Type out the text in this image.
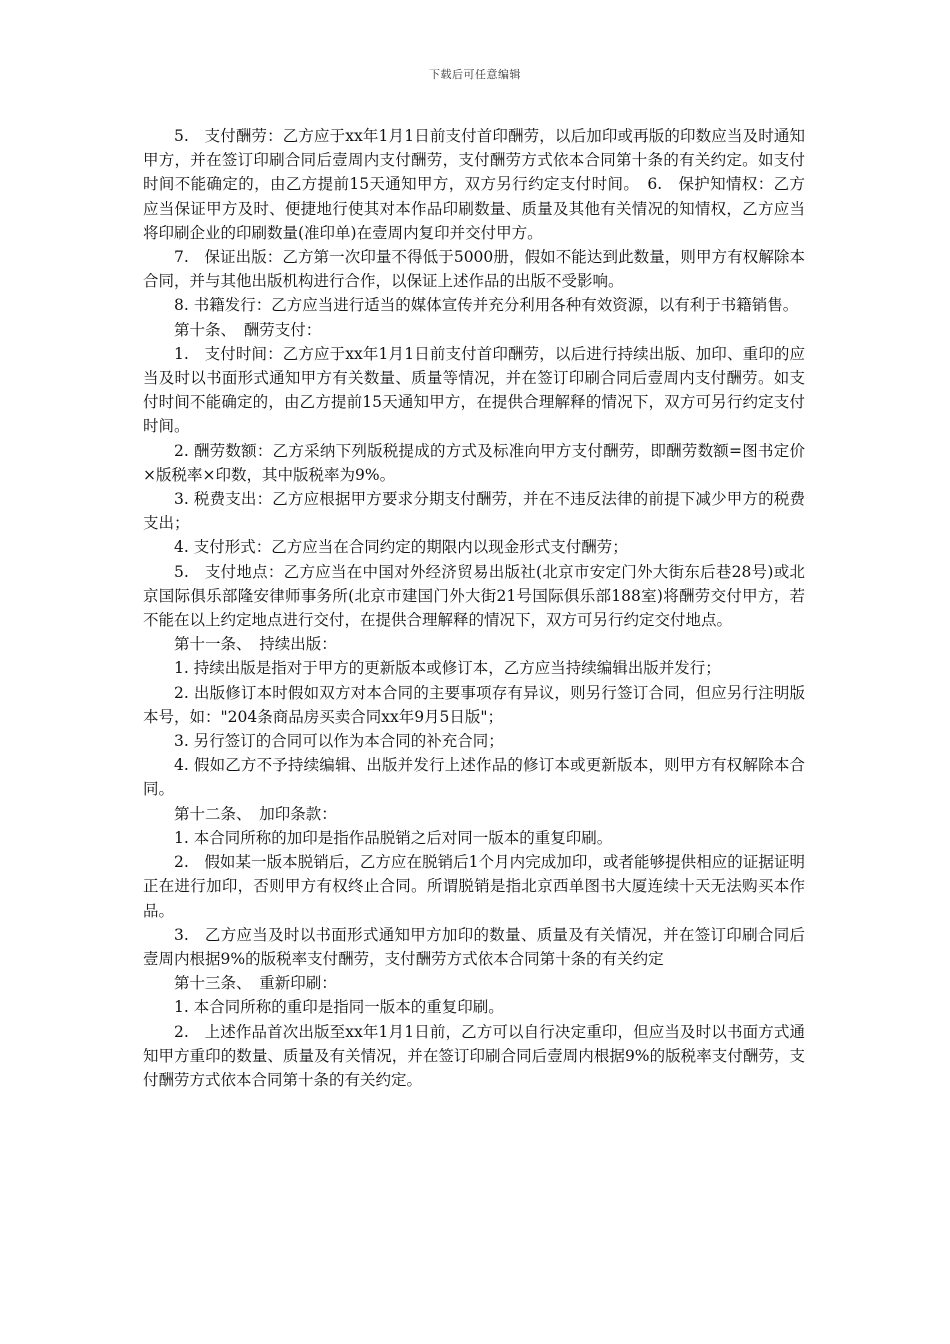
下载后可任意编辑

5.　支付酬劳：乙方应于xx年1月1日前支付首印酬劳，以后加印或再版的印数应当及时通知甲方，并在签订印刷合同后壹周内支付酬劳，支付酬劳方式依本合同第十条的有关约定。如支付时间不能确定的，由乙方提前15天通知甲方，双方另行约定支付时间。　6.　保护知情权：乙方应当保证甲方及时、便捷地行使其对本作品印刷数量、质量及其他有关情况的知情权，乙方应当将印刷企业的印刷数量(准印单)在壹周内复印并交付甲方。

7.　保证出版：乙方第一次印量不得低于5000册，假如不能达到此数量，则甲方有权解除本合同，并与其他出版机构进行合作，以保证上述作品的出版不受影响。

8. 书籍发行：乙方应当进行适当的媒体宣传并充分利用各种有效资源，以有利于书籍销售。

第十条、　酬劳支付：

1.　支付时间：乙方应于xx年1月1日前支付首印酬劳，以后进行持续出版、加印、重印的应当及时以书面形式通知甲方有关数量、质量等情况，并在签订印刷合同后壹周内支付酬劳。如支付时间不能确定的，由乙方提前15天通知甲方，在提供合理解释的情况下，双方可另行约定支付时间。

2. 酬劳数额：乙方采纳下列版税提成的方式及标准向甲方支付酬劳，即酬劳数额=图书定价×版税率×印数，其中版税率为9%。

3. 税费支出：乙方应根据甲方要求分期支付酬劳，并在不违反法律的前提下减少甲方的税费支出；

4. 支付形式：乙方应当在合同约定的期限内以现金形式支付酬劳；

5.　支付地点：乙方应当在中国对外经济贸易出版社(北京市安定门外大街东后巷28号)或北京国际俱乐部隆安律师事务所(北京市建国门外大街21号国际俱乐部188室)将酬劳交付甲方，若不能在以上约定地点进行交付，在提供合理解释的情况下，双方可另行约定交付地点。

第十一条、　持续出版：

1. 持续出版是指对于甲方的更新版本或修订本，乙方应当持续编辑出版并发行；

2. 出版修订本时假如双方对本合同的主要事项存有异议，则另行签订合同，但应另行注明版本号，如："204条商品房买卖合同xx年9月5日版"；

3. 另行签订的合同可以作为本合同的补充合同；

4. 假如乙方不予持续编辑、出版并发行上述作品的修订本或更新版本，则甲方有权解除本合同。

第十二条、　加印条款：

1. 本合同所称的加印是指作品脱销之后对同一版本的重复印刷。

2.　假如某一版本脱销后，乙方应在脱销后1个月内完成加印，或者能够提供相应的证据证明正在进行加印，否则甲方有权终止合同。所谓脱销是指北京西单图书大厦连续十天无法购买本作品。

3.　乙方应当及时以书面形式通知甲方加印的数量、质量及有关情况，并在签订印刷合同后壹周内根据9%的版税率支付酬劳，支付酬劳方式依本合同第十条的有关约定

第十三条、　重新印刷：

1. 本合同所称的重印是指同一版本的重复印刷。

2.　上述作品首次出版至xx年1月1日前，乙方可以自行决定重印，但应当及时以书面方式通知甲方重印的数量、质量及有关情况，并在签订印刷合同后壹周内根据9%的版税率支付酬劳，支付酬劳方式依本合同第十条的有关约定。
